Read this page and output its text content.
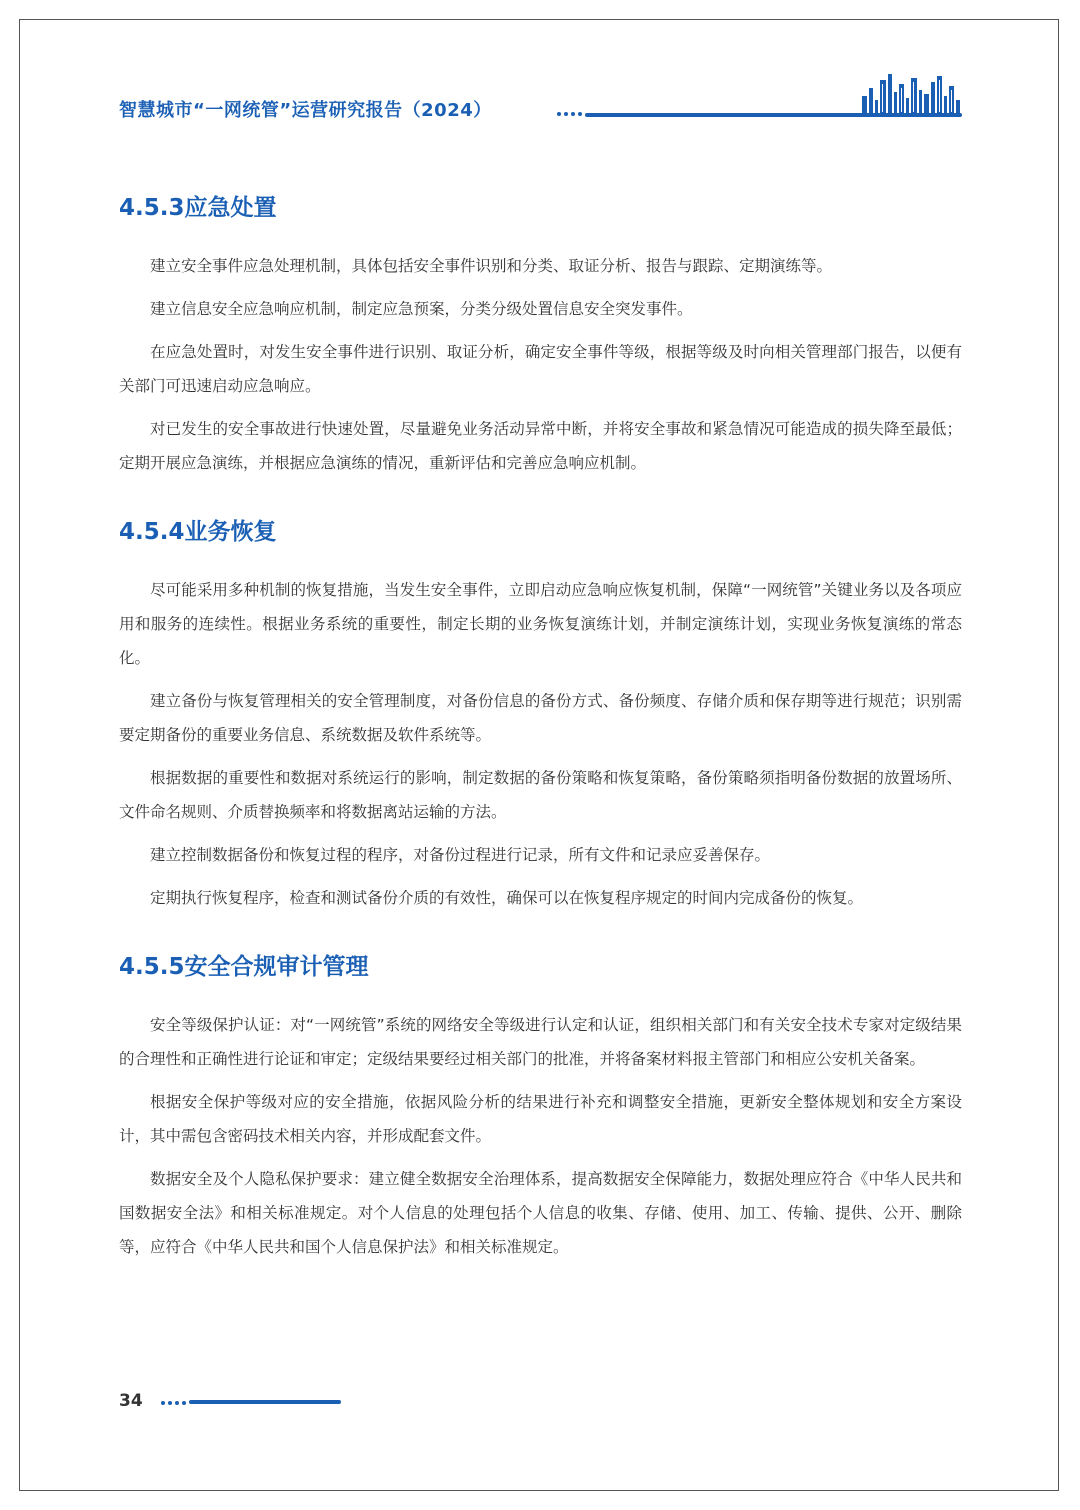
智慧城市“一网统管”运营研究报告（2024）
4.5.3应急处置

建立安全事件应急处理机制，具体包括安全事件识别和分类、取证分析、报告与跟踪、定期演练等。

建立信息安全应急响应机制，制定应急预案，分类分级处置信息安全突发事件。

在应急处置时，对发生安全事件进行识别、取证分析，确定安全事件等级，根据等级及时向相关管理部门报告，以便有关部门可迅速启动应急响应。

对已发生的安全事故进行快速处置，尽量避免业务活动异常中断，并将安全事故和紧急情况可能造成的损失降至最低；定期开展应急演练，并根据应急演练的情况，重新评估和完善应急响应机制。

4.5.4业务恢复

尽可能采用多种机制的恢复措施，当发生安全事件，立即启动应急响应恢复机制，保障“一网统管”关键业务以及各项应用和服务的连续性。根据业务系统的重要性，制定长期的业务恢复演练计划，并制定演练计划，实现业务恢复演练的常态化。

建立备份与恢复管理相关的安全管理制度，对备份信息的备份方式、备份频度、存储介质和保存期等进行规范；识别需要定期备份的重要业务信息、系统数据及软件系统等。

根据数据的重要性和数据对系统运行的影响，制定数据的备份策略和恢复策略，备份策略须指明备份数据的放置场所、文件命名规则、介质替换频率和将数据离站运输的方法。

建立控制数据备份和恢复过程的程序，对备份过程进行记录，所有文件和记录应妥善保存。

定期执行恢复程序，检查和测试备份介质的有效性，确保可以在恢复程序规定的时间内完成备份的恢复。

4.5.5安全合规审计管理

安全等级保护认证：对“一网统管”系统的网络安全等级进行认定和认证，组织相关部门和有关安全技术专家对定级结果的合理性和正确性进行论证和审定；定级结果要经过相关部门的批准，并将备案材料报主管部门和相应公安机关备案。

根据安全保护等级对应的安全措施，依据风险分析的结果进行补充和调整安全措施，更新安全整体规划和安全方案设计，其中需包含密码技术相关内容，并形成配套文件。

数据安全及个人隐私保护要求：建立健全数据安全治理体系，提高数据安全保障能力，数据处理应符合《中华人民共和国数据安全法》和相关标准规定。对个人信息的处理包括个人信息的收集、存储、使用、加工、传输、提供、公开、删除等，应符合《中华人民共和国个人信息保护法》和相关标准规定。

34
